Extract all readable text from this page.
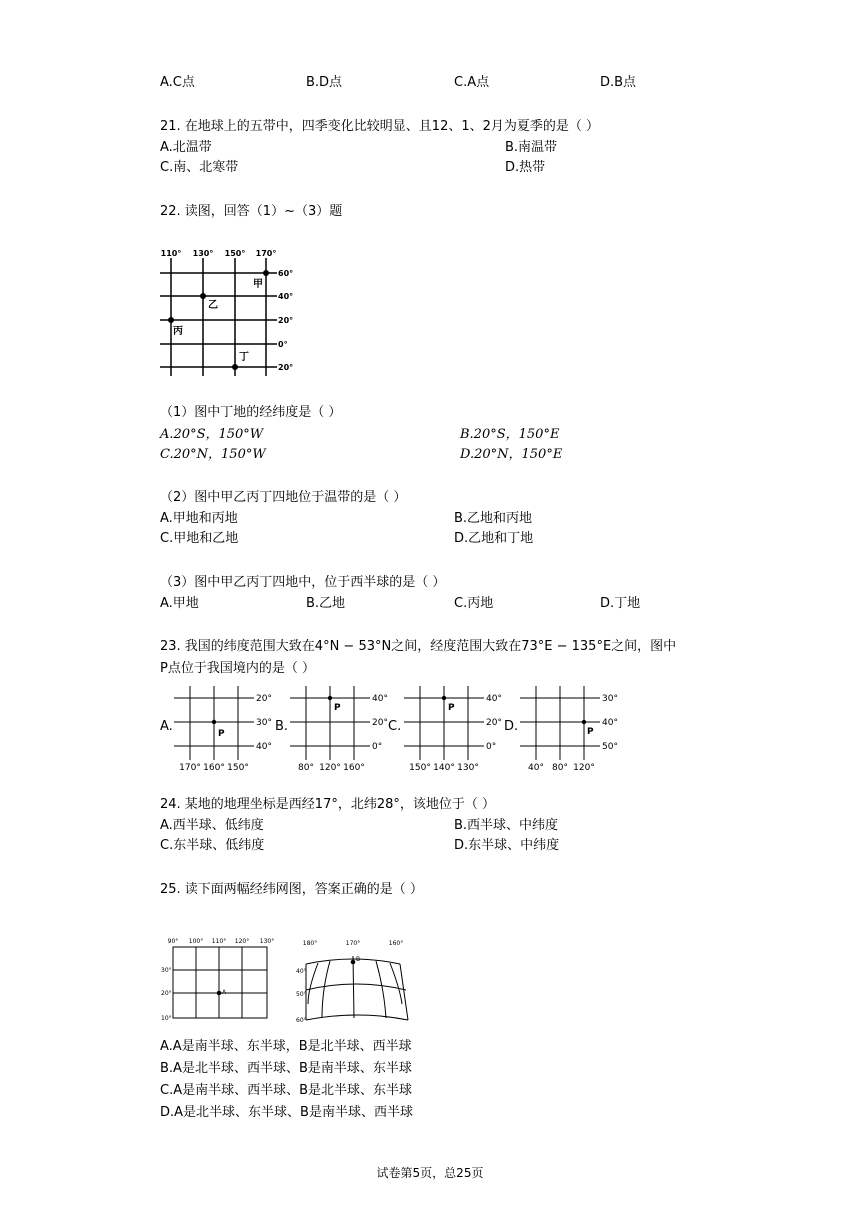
A.C点	B.D点	C.A点	D.B点
21. 在地球上的五带中，四季变化比较明显、且12、1、2月为夏季的是（ ）
A.北温带	B.南温带
C.南、北寒带	D.热带
22. 读图，回答（1）~（3）题
110° 130° 150° 170°
60°
40°
20°
0°
20°
甲
乙
丙
丁
（1）图中丁地的经纬度是（ ）
A.20°S，150°W	B.20°S，150°E
C.20°N，150°W	D.20°N，150°E
（2）图中甲乙丙丁四地位于温带的是（ ）
A.甲地和丙地	B.乙地和丙地
C.甲地和乙地	D.乙地和丁地
（3）图中甲乙丙丁四地中，位于西半球的是（ ）
A.甲地	B.乙地	C.丙地	D.丁地
23. 我国的纬度范围大致在4°N − 53°N之间，经度范围大致在73°E − 135°E之间，图中
P点位于我国境内的是（ ）
A.	B.	C.	D.
20°
30°
40°
170° 160° 150°
P
40°
20°
0°
80° 120° 160°
P
40°
20°
0°
150° 140° 130°
P
30°
40°
50°
40° 80° 120°
P
24. 某地的地理坐标是西经17°，北纬28°，该地位于（ ）
A.西半球、低纬度	B.西半球、中纬度
C.东半球、低纬度	D.东半球、中纬度
25. 读下面两幅经纬网图，答案正确的是（ ）
90° 100° 110° 120° 130°
30°
20°
10°
A
180°	170°	160°
40°
50°
60°
B
A.A是南半球、东半球，B是北半球、西半球
B.A是北半球、西半球、B是南半球、东半球
C.A是南半球、西半球、B是北半球、东半球
D.A是北半球、东半球、B是南半球、西半球
试卷第5页，总25页
